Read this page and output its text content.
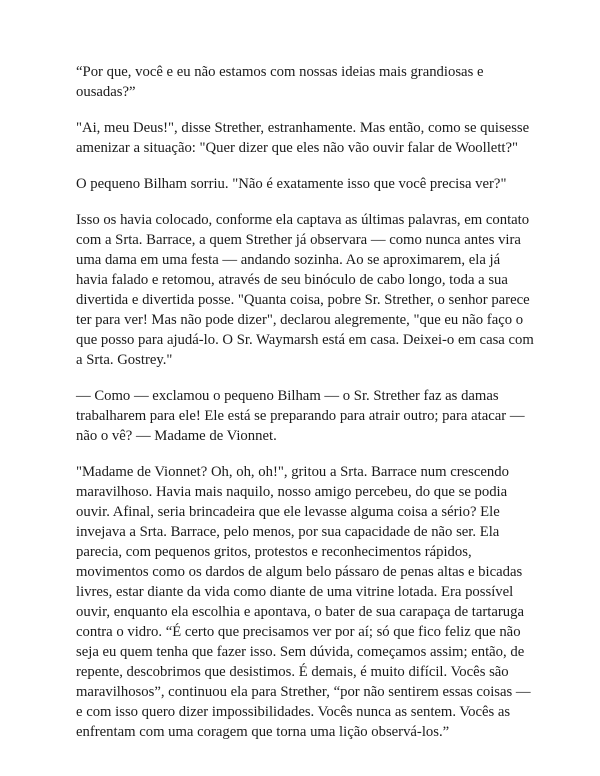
“Por que, você e eu não estamos com nossas ideias mais grandiosas e ousadas?”

"Ai, meu Deus!", disse Strether, estranhamente. Mas então, como se quisesse amenizar a situação: "Quer dizer que eles não vão ouvir falar de Woollett?"

O pequeno Bilham sorriu. "Não é exatamente isso que você precisa ver?"

Isso os havia colocado, conforme ela captava as últimas palavras, em contato com a Srta. Barrace, a quem Strether já observara — como nunca antes vira uma dama em uma festa — andando sozinha. Ao se aproximarem, ela já havia falado e retomou, através de seu binóculo de cabo longo, toda a sua divertida e divertida posse. "Quanta coisa, pobre Sr. Strether, o senhor parece ter para ver! Mas não pode dizer", declarou alegremente, "que eu não faço o que posso para ajudá-lo. O Sr. Waymarsh está em casa. Deixei-o em casa com a Srta. Gostrey."

— Como — exclamou o pequeno Bilham — o Sr. Strether faz as damas trabalharem para ele! Ele está se preparando para atrair outro; para atacar — não o vê? — Madame de Vionnet.

"Madame de Vionnet? Oh, oh, oh!", gritou a Srta. Barrace num crescendo maravilhoso. Havia mais naquilo, nosso amigo percebeu, do que se podia ouvir. Afinal, seria brincadeira que ele levasse alguma coisa a sério? Ele invejava a Srta. Barrace, pelo menos, por sua capacidade de não ser. Ela parecia, com pequenos gritos, protestos e reconhecimentos rápidos, movimentos como os dardos de algum belo pássaro de penas altas e bicadas livres, estar diante da vida como diante de uma vitrine lotada. Era possível ouvir, enquanto ela escolhia e apontava, o bater de sua carapaça de tartaruga contra o vidro. “É certo que precisamos ver por aí; só que fico feliz que não seja eu quem tenha que fazer isso. Sem dúvida, começamos assim; então, de repente, descobrimos que desistimos. É demais, é muito difícil. Vocês são maravilhosos”, continuou ela para Strether, “por não sentirem essas coisas — e com isso quero dizer impossibilidades. Vocês nunca as sentem. Vocês as enfrentam com uma coragem que torna uma lição observá-los.”
